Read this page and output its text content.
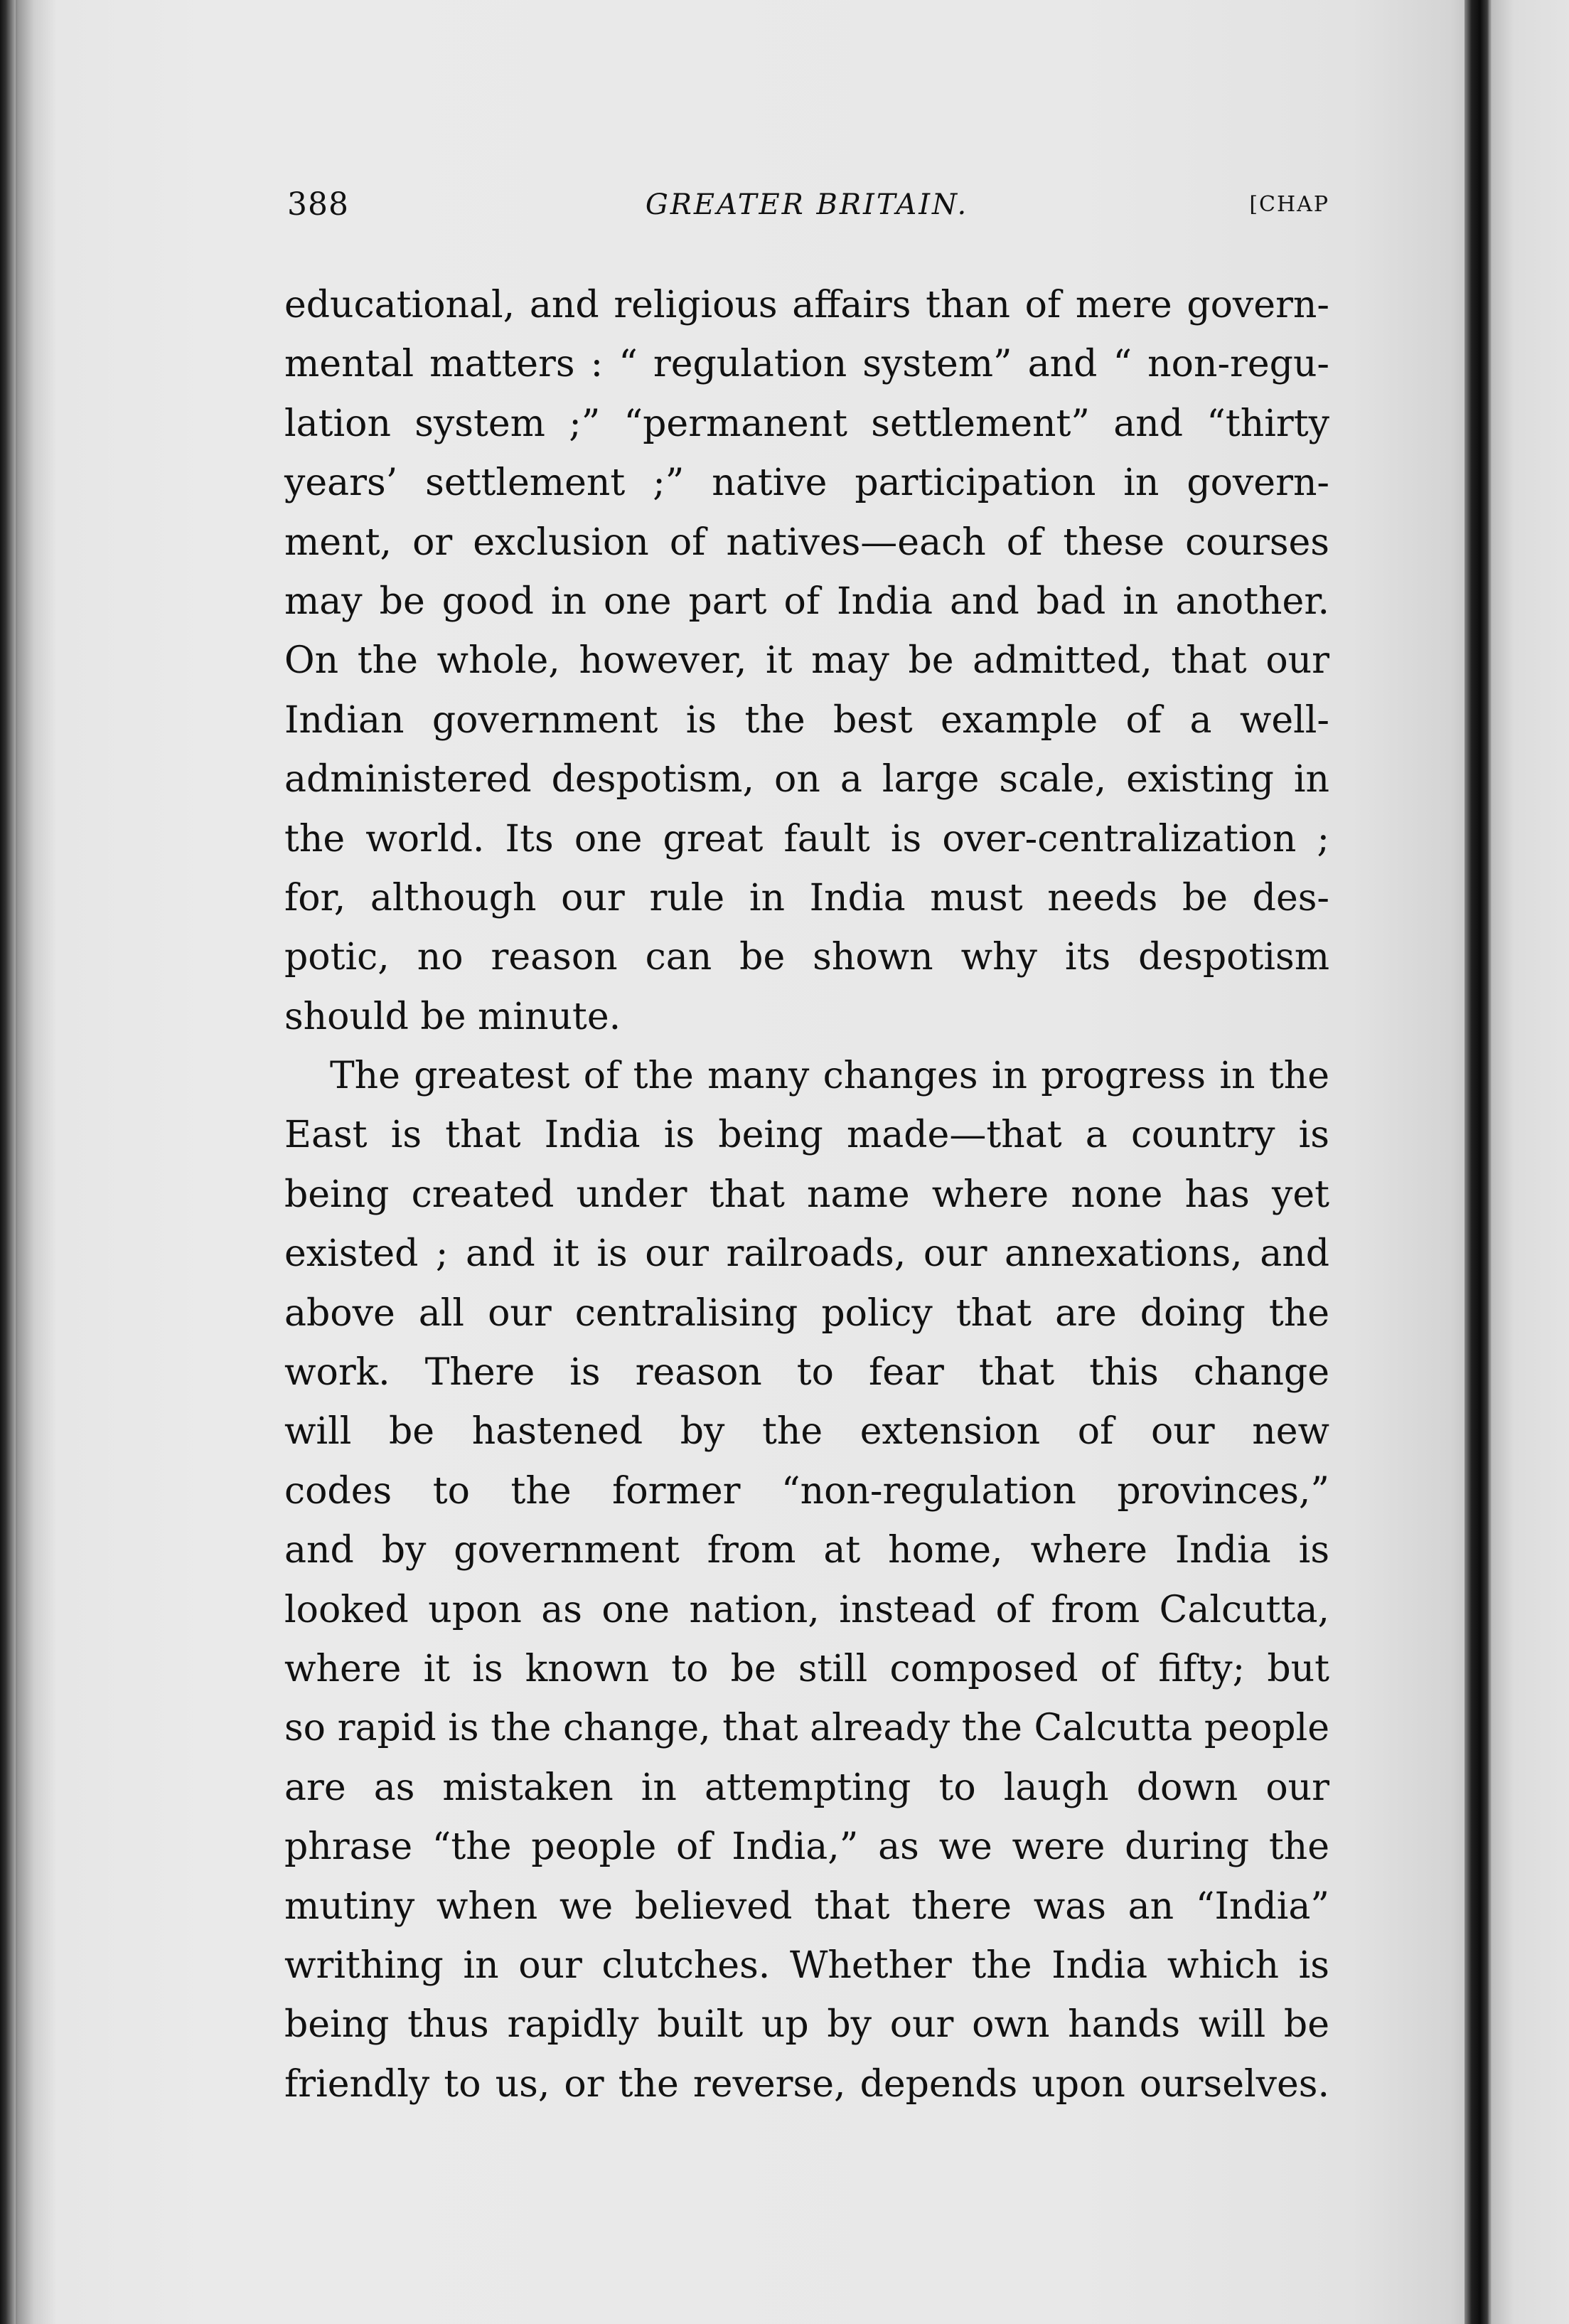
388	GREATER BRITAIN.	[CHAP
educational, and religious affairs than of mere govern-
mental matters : “ regulation system” and “ non-regu-
lation system ;” “permanent settlement” and “thirty
years’ settlement ;” native participation in govern-
ment, or exclusion of natives—each of these courses
may be good in one part of India and bad in another.
On the whole, however, it may be admitted, that our
Indian government is the best example of a well-
administered despotism, on a large scale, existing in
the world. Its one great fault is over-centralization ;
for, although our rule in India must needs be des-
potic, no reason can be shown why its despotism
should be minute.
The greatest of the many changes in progress in the
East is that India is being made—that a country is
being created under that name where none has yet
existed ; and it is our railroads, our annexations, and
above all our centralising policy that are doing the
work. There is reason to fear that this change
will be hastened by the extension of our new
codes to the former “non-regulation provinces,”
and by government from at home, where India is
looked upon as one nation, instead of from Calcutta,
where it is known to be still composed of fifty; but
so rapid is the change, that already the Calcutta people
are as mistaken in attempting to laugh down our
phrase “the people of India,” as we were during the
mutiny when we believed that there was an “India”
writhing in our clutches. Whether the India which is
being thus rapidly built up by our own hands will be
friendly to us, or the reverse, depends upon ourselves.
